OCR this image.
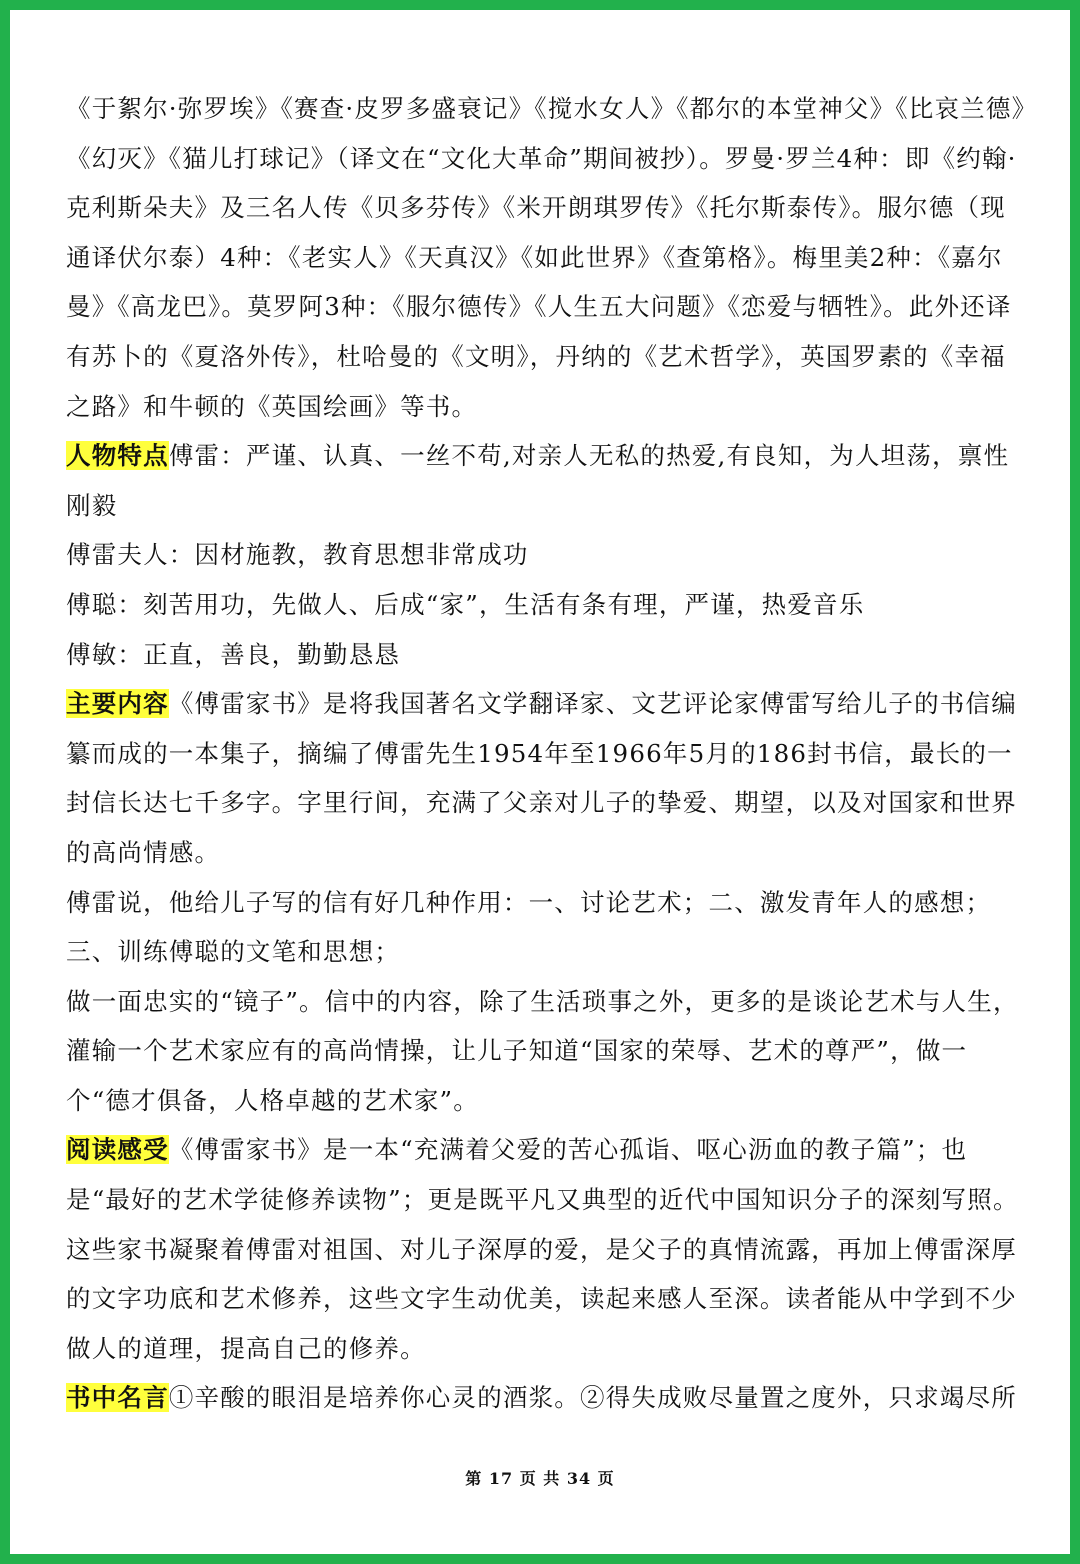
《于絮尔·弥罗埃》《赛查·皮罗多盛衰记》《搅水女人》《都尔的本堂神父》《比哀兰德》《幻灭》《猫儿打球记》（译文在“文化大革命”期间被抄）。罗曼·罗兰4种：即《约翰·克利斯朵夫》及三名人传《贝多芬传》《米开朗琪罗传》《托尔斯泰传》。服尔德（现通译伏尔泰）4种：《老实人》《天真汉》《如此世界》《查第格》。梅里美2种：《嘉尔曼》《高龙巴》。莫罗阿3种：《服尔德传》《人生五大问题》《恋爱与牺牲》。此外还译有苏卜的《夏洛外传》，杜哈曼的《文明》，丹纳的《艺术哲学》，英国罗素的《幸福之路》和牛顿的《英国绘画》等书。

人物特点傅雷：严谨、认真、一丝不苟,对亲人无私的热爱,有良知，为人坦荡，禀性刚毅

傅雷夫人：因材施教，教育思想非常成功

傅聪：刻苦用功，先做人、后成“家”，生活有条有理，严谨，热爱音乐

傅敏：正直，善良，勤勤恳恳

主要内容《傅雷家书》是将我国著名文学翻译家、文艺评论家傅雷写给儿子的书信编纂而成的一本集子，摘编了傅雷先生1954年至1966年5月的186封书信，最长的一封信长达七千多字。字里行间，充满了父亲对儿子的挚爱、期望，以及对国家和世界的高尚情感。

傅雷说，他给儿子写的信有好几种作用：一、讨论艺术；二、激发青年人的感想；三、训练傅聪的文笔和思想；

做一面忠实的“镜子”。信中的内容，除了生活琐事之外，更多的是谈论艺术与人生，灌输一个艺术家应有的高尚情操，让儿子知道“国家的荣辱、艺术的尊严”，做一个“德才俱备，人格卓越的艺术家”。

阅读感受《傅雷家书》是一本“充满着父爱的苦心孤诣、呕心沥血的教子篇”；也是“最好的艺术学徒修养读物”；更是既平凡又典型的近代中国知识分子的深刻写照。这些家书凝聚着傅雷对祖国、对儿子深厚的爱，是父子的真情流露，再加上傅雷深厚的文字功底和艺术修养，这些文字生动优美，读起来感人至深。读者能从中学到不少做人的道理，提高自己的修养。

书中名言①辛酸的眼泪是培养你心灵的酒浆。②得失成败尽量置之度外，只求竭尽所

第 17 页 共 34 页
